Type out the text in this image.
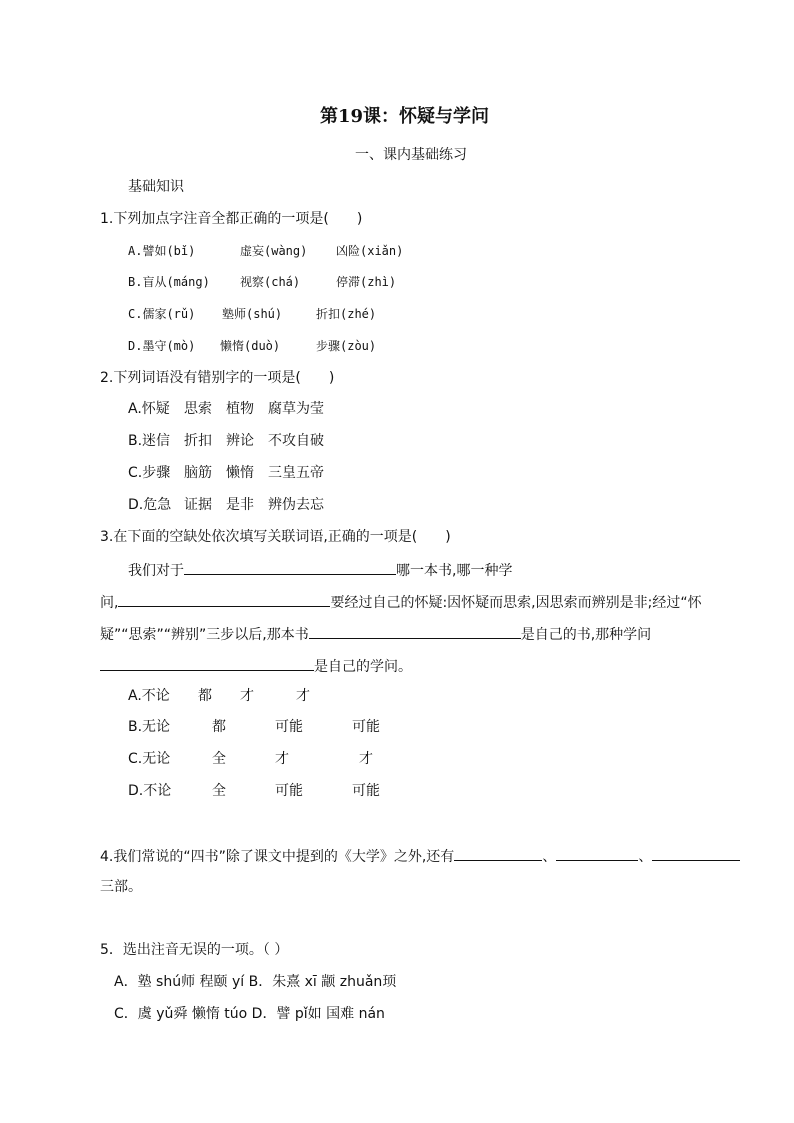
第19课：怀疑与学问
一、课内基础练习
基础知识
1.下列加点字注音全都正确的一项是(　　)
A.譬如(bǐ)	虚妄(wàng) 凶险(xiǎn)
B.盲从(máng)	视察(chá)	停滞(zhì)
C.儒家(rǔ) 塾师(shú)	折扣(zhé)
D.墨守(mò) 懒惰(duò)	步骤(zòu)
2.下列词语没有错别字的一项是(　　)
A.怀疑 思索 植物 腐草为莹
B.迷信 折扣 辨论 不攻自破
C.步骤 脑筋 懒惰 三皇五帝
D.危急 证据 是非 辨伪去忘
3.在下面的空缺处依次填写关联词语,正确的一项是(　　)
我们对于	哪一本书,哪一种学
问,	要经过自己的怀疑:因怀疑而思索,因思索而辨别是非;经过“怀
疑”“思索”“辨别”三步以后,那本书	是自己的书,那种学问
是自己的学问。
A.不论 都 才	才
B.无论	都	可能	可能
C.无论	全	才	才
D.不论	全	可能	可能
4.我们常说的“四书”除了课文中提到的《大学》之外,还有	、	、
三部。
5．选出注音无误的一项。（ ）
A．塾 shú师 程颐 yí B．朱熹 xī 颛 zhuǎn顼
C．虞 yǔ舜 懒惰 túo D．譬 pǐ如 国难 nán
